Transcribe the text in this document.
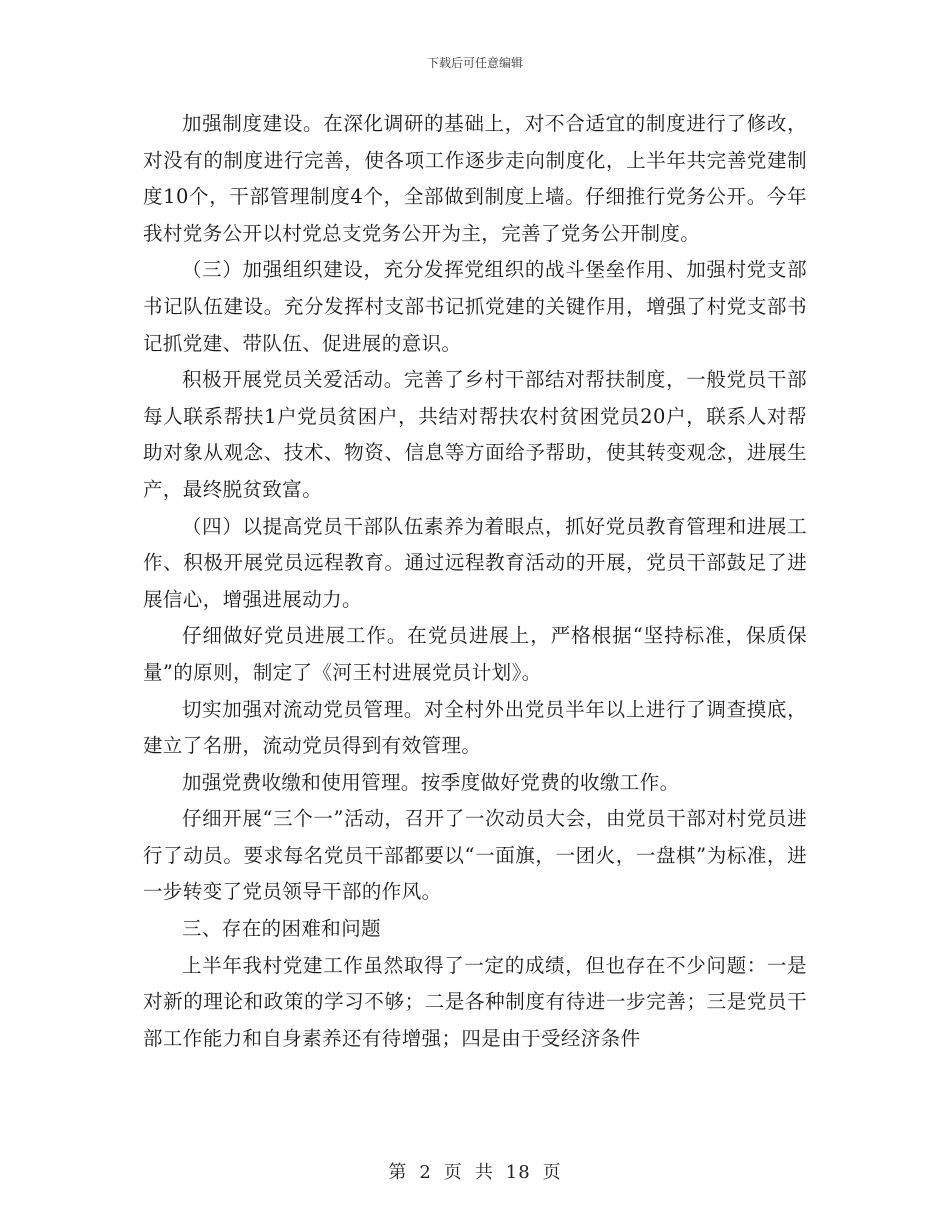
下载后可任意编辑

加强制度建设。在深化调研的基础上，对不合适宜的制度进行了修改，对没有的制度进行完善，使各项工作逐步走向制度化，上半年共完善党建制度10个，干部管理制度4个，全部做到制度上墙。仔细推行党务公开。今年我村党务公开以村党总支党务公开为主，完善了党务公开制度。

（三）加强组织建设，充分发挥党组织的战斗堡垒作用、加强村党支部书记队伍建设。充分发挥村支部书记抓党建的关键作用，增强了村党支部书记抓党建、带队伍、促进展的意识。

积极开展党员关爱活动。完善了乡村干部结对帮扶制度，一般党员干部每人联系帮扶1户党员贫困户，共结对帮扶农村贫困党员20户，联系人对帮助对象从观念、技术、物资、信息等方面给予帮助，使其转变观念，进展生产，最终脱贫致富。

（四）以提高党员干部队伍素养为着眼点，抓好党员教育管理和进展工作、积极开展党员远程教育。通过远程教育活动的开展，党员干部鼓足了进展信心，增强进展动力。

仔细做好党员进展工作。在党员进展上，严格根据“坚持标准，保质保量”的原则，制定了《河王村进展党员计划》。

切实加强对流动党员管理。对全村外出党员半年以上进行了调查摸底，建立了名册，流动党员得到有效管理。

加强党费收缴和使用管理。按季度做好党费的收缴工作。

仔细开展“三个一”活动，召开了一次动员大会，由党员干部对村党员进行了动员。要求每名党员干部都要以“一面旗，一团火，一盘棋”为标准，进一步转变了党员领导干部的作风。

三、存在的困难和问题

上半年我村党建工作虽然取得了一定的成绩，但也存在不少问题：一是对新的理论和政策的学习不够；二是各种制度有待进一步完善；三是党员干部工作能力和自身素养还有待增强；四是由于受经济条件

第 2 页 共 18 页
